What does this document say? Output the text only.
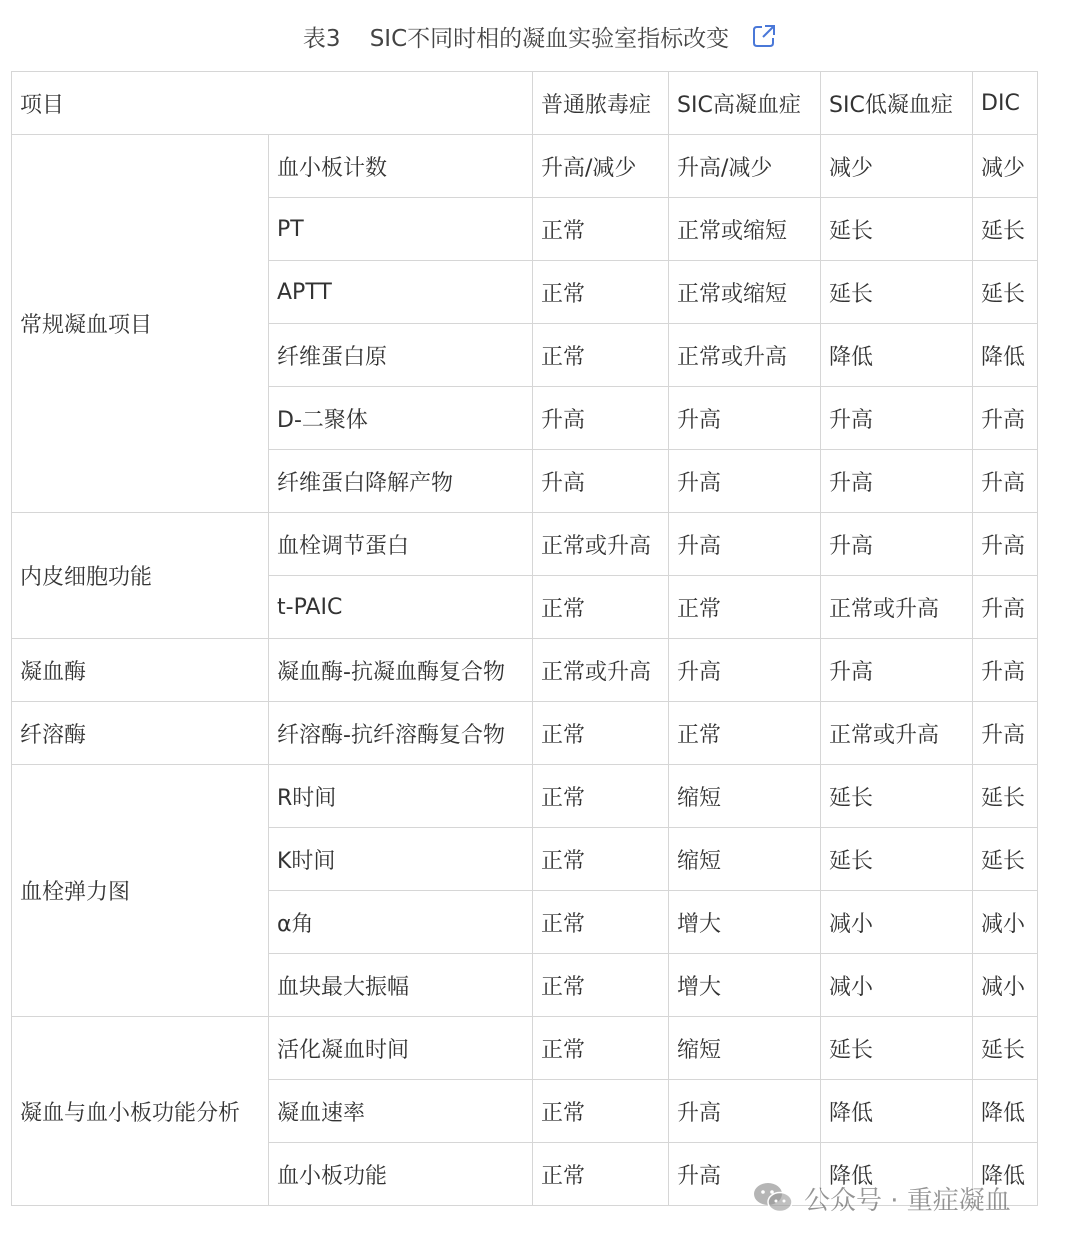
表3    SIC不同时相的凝血实验室指标改变
项目		普通脓毒症	SIC高凝血症	SIC低凝血症	DIC
常规凝血项目	血小板计数	升高/减少	升高/减少	减少	减少
	PT	正常	正常或缩短	延长	延长
	APTT	正常	正常或缩短	延长	延长
	纤维蛋白原	正常	正常或升高	降低	降低
	D-二聚体	升高	升高	升高	升高
	纤维蛋白降解产物	升高	升高	升高	升高
内皮细胞功能	血栓调节蛋白	正常或升高	升高	升高	升高
	t-PAIC	正常	正常	正常或升高	升高
凝血酶	凝血酶-抗凝血酶复合物	正常或升高	升高	升高	升高
纤溶酶	纤溶酶-抗纤溶酶复合物	正常	正常	正常或升高	升高
血栓弹力图	R时间	正常	缩短	延长	延长
	K时间	正常	缩短	延长	延长
	α角	正常	增大	减小	减小
	血块最大振幅	正常	增大	减小	减小
凝血与血小板功能分析	活化凝血时间	正常	缩短	延长	延长
	凝血速率	正常	升高	降低	降低
	血小板功能	正常	升高	降低	降低
公众号 · 重症凝血
